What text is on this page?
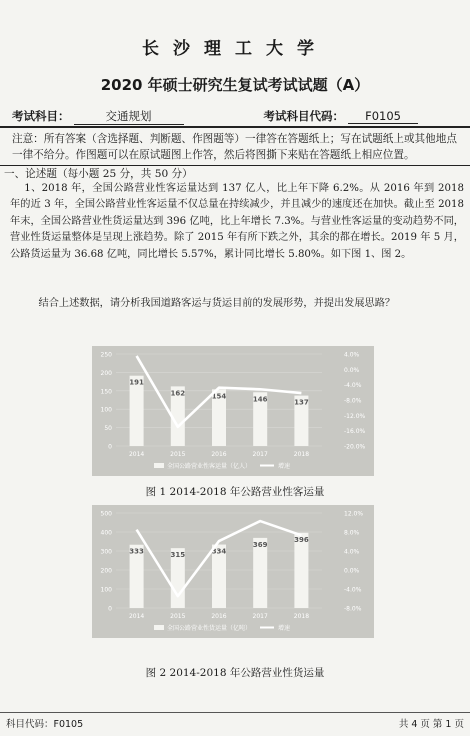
长沙理工大学
2020 年硕士研究生复试考试试题（A）
考试科目：	交通规划	考试科目代码： F0105
注意：所有答案（含选择题、判断题、作图题等）一律答在答题纸上；写在试题纸上或其他地点一律不给分。作图题可以在原试题图上作答，然后将图撕下来贴在答题纸上相应位置。
一、论述题（每小题 25 分，共 50 分）
1、2018 年，全国公路营业性客运量达到 137 亿人，比上年下降 6.2%。从 2016 年到 2018 年的近 3 年，全国公路营业性客运量不仅总量在持续减少，并且减少的速度还在加快。截止至 2018 年末，全国公路营业性货运量达到 396 亿吨，比上年增长 7.3%。与营业性客运量的变动趋势不同，营业性货运量整体是呈现上涨趋势。除了 2015 年有所下跌之外，其余的都在增长。2019 年 5 月，公路货运量为 36.68 亿吨，同比增长 5.57%，累计同比增长 5.80%。如下图 1、图 2。
结合上述数据，请分析我国道路客运与货运目前的发展形势，并提出发展思路？
250
200
150
100
50
0
4.0%
0.0%
-4.0%
-8.0%
-12.0%
-16.0%
-20.0%
191
2014
162
2015
154
2016
146
2017
137
2018
全国公路营业性客运量（亿人）	增速
图 1 2014-2018 年公路营业性客运量
500
400
300
200
100
0
12.0%
8.0%
4.0%
0.0%
-4.0%
-8.0%
333
2014
315
2015
334
2016
369
2017
396
2018
全国公路营业性货运量（亿吨）	增速
图 2 2014-2018 年公路营业性货运量
科目代码：F0105	共 4 页 第 1 页
